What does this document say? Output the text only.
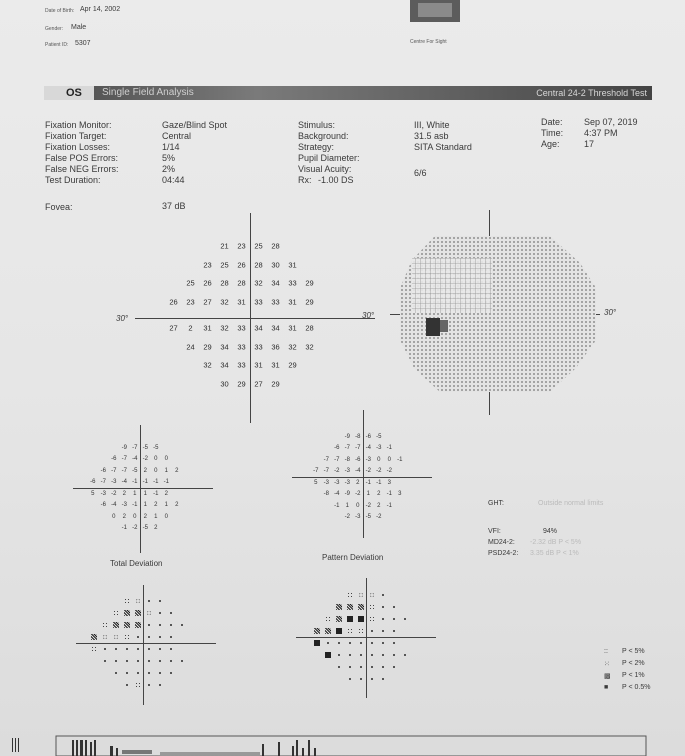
Date of Birth: Apr 14, 2002
Gender: Male
Patient ID: 5307	Centre For Sight
OS	Single Field Analysis	Central 24-2 Threshold Test
Fixation Monitor:	Gaze/Blind Spot
Fixation Target:	Central
Fixation Losses:	1/14
False POS Errors:	5%
False NEG Errors:	2%
Test Duration:	04:44
Fovea:	37 dB
Stimulus:	III, White
Background:	31.5 asb
Strategy:	SITA Standard
Pupil Diameter:
Visual Acuity:	6/6
Rx: -1.00 DS
Date: Sep 07, 2019
Time: 4:37 PM
Age:	17
30°	30°
21 23 25 28
23 25 26 28 30 31
25 26 28 28 32 34 33 29
26 23 27 32 31 33 33 31 29
27 2 31 32 33 34 34 31 28
24 29 34 33 33 36 32 32
32 34 33 31 31 29
30 29 27 29
30°
-9 -7 -5 -5
-6 -7 -4 -2 0 0
-6 -7 -7 -5 2 0 1 2
-6 -7 -3 -4 -1 -1 -1 -1
5 -3 -2 2 1 1 -1 2
-6 -4 -3 -1 1 2 1 2
0 2 0 2 1 0
-1 -2 -5 2
Total Deviation
-9 -8 -6 -5
-6 -7 -7 -4 -3 -1
-7 -7 -8 -6 -3 0 0 -1
-7 -7 -2 -3 -4 -2 -2 -2
5 -3 -3 -3 2 -1 -1 3
-8 -4 -9 -2 1 2 -1 3
-1 1 0 -2 2 -1
-2 -3 -5 -2
Pattern Deviation
GHT:	Outside normal limits
VFI:	94%
MD24-2: -2.32 dB P < 5%
PSD24-2: 3.35 dB P < 1%
:: P < 5%
⁙ P < 2%
▩ P < 1%
■ P < 0.5%
